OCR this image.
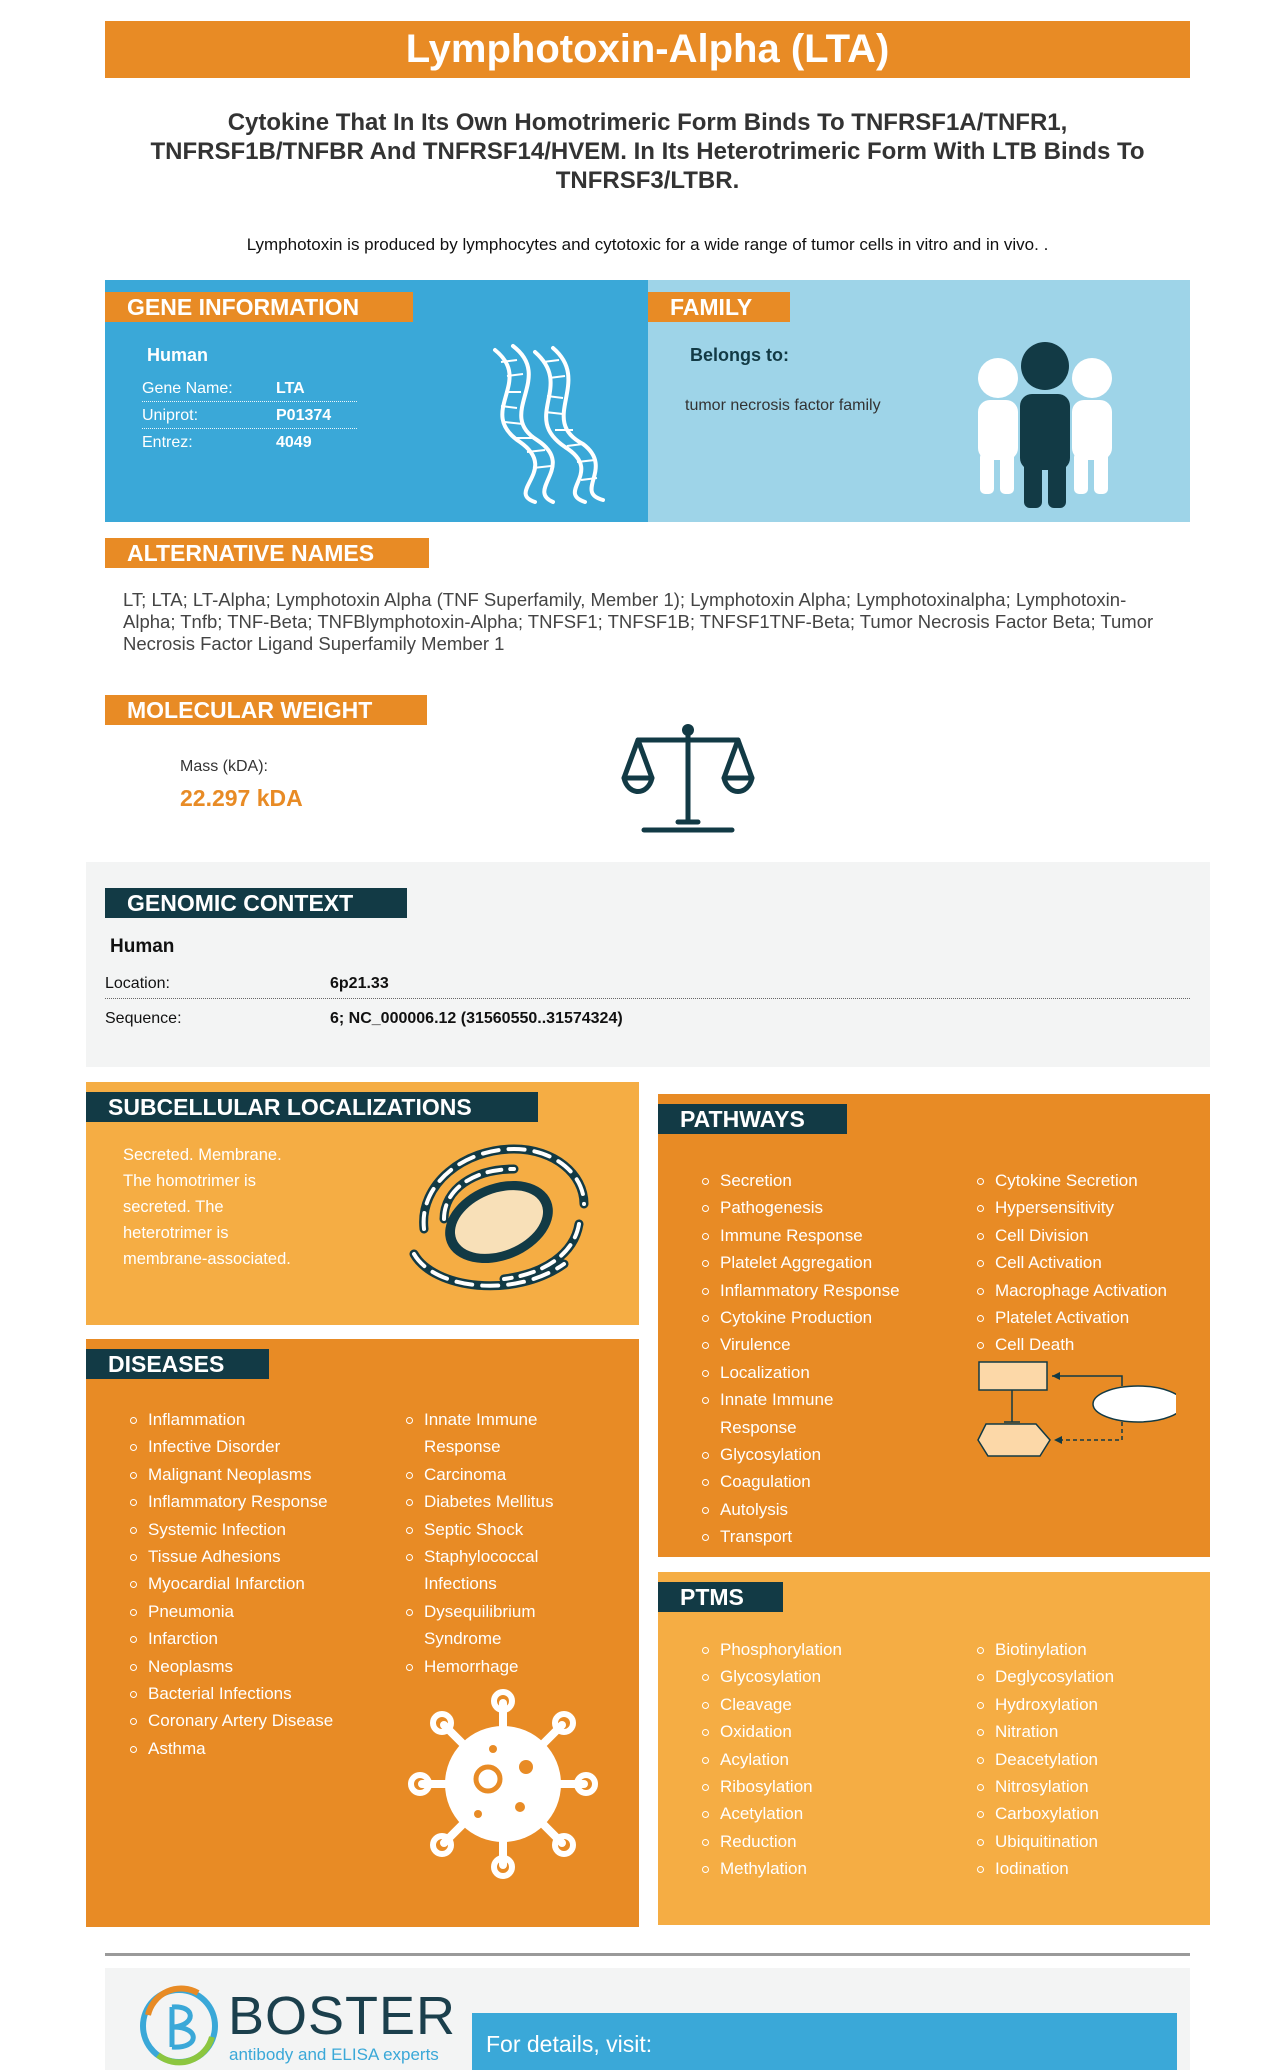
Lymphotoxin-Alpha (LTA)
Cytokine That In Its Own Homotrimeric Form Binds To TNFRSF1A/TNFR1, TNFRSF1B/TNFBR And TNFRSF14/HVEM. In Its Heterotrimeric Form With LTB Binds To TNFRSF3/LTBR.
Lymphotoxin is produced by lymphocytes and cytotoxic for a wide range of tumor cells in vitro and in vivo. .
GENE INFORMATION
Human
Gene Name:	LTA
Uniprot:	P01374
Entrez:	4049
FAMILY
Belongs to:
tumor necrosis factor family
ALTERNATIVE NAMES
LT; LTA; LT-Alpha; Lymphotoxin Alpha (TNF Superfamily, Member 1); Lymphotoxin Alpha; Lymphotoxinalpha; Lymphotoxin-Alpha; Tnfb; TNF-Beta; TNFBlymphotoxin-Alpha; TNFSF1; TNFSF1B; TNFSF1TNF-Beta; Tumor Necrosis Factor Beta; Tumor Necrosis Factor Ligand Superfamily Member 1
MOLECULAR WEIGHT
Mass (kDA):
22.297 kDA
GENOMIC CONTEXT
Human
Location:	6p21.33
Sequence:	6; NC_000006.12 (31560550..31574324)
SUBCELLULAR LOCALIZATIONS
Secreted. Membrane.
The homotrimer is
secreted. The
heterotrimer is
membrane-associated.
DISEASES
Inflammation
Infective Disorder
Malignant Neoplasms
Inflammatory Response
Systemic Infection
Tissue Adhesions
Myocardial Infarction
Pneumonia
Infarction
Neoplasms
Bacterial Infections
Coronary Artery Disease
Asthma
Innate Immune
Response
Carcinoma
Diabetes Mellitus
Septic Shock
Staphylococcal
Infections
Dysequilibrium
Syndrome
Hemorrhage
PATHWAYS
Secretion
Pathogenesis
Immune Response
Platelet Aggregation
Inflammatory Response
Cytokine Production
Virulence
Localization
Innate Immune
Response
Glycosylation
Coagulation
Autolysis
Transport
Cytokine Secretion
Hypersensitivity
Cell Division
Cell Activation
Macrophage Activation
Platelet Activation
Cell Death
PTMS
Phosphorylation
Glycosylation
Cleavage
Oxidation
Acylation
Ribosylation
Acetylation
Reduction
Methylation
Biotinylation
Deglycosylation
Hydroxylation
Nitration
Deacetylation
Nitrosylation
Carboxylation
Ubiquitination
Iodination
BOSTER
antibody and ELISA experts	For details, visit:
